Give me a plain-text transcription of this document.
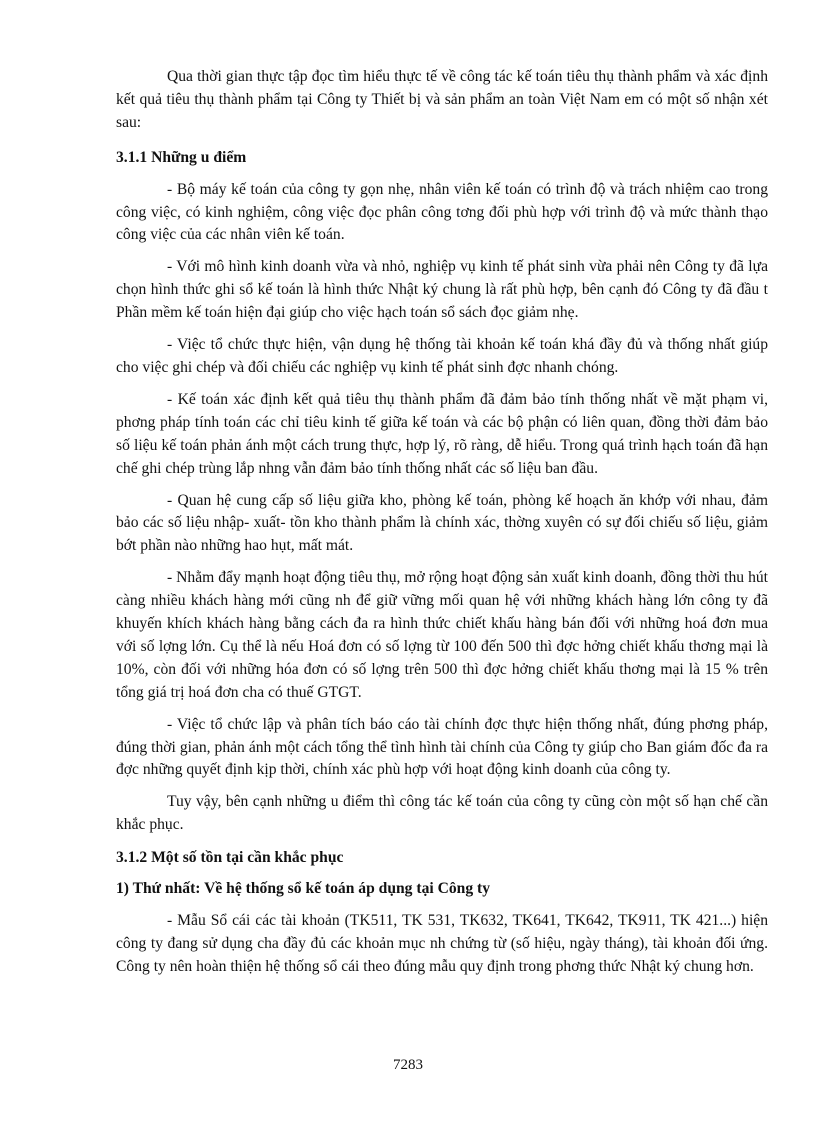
Qua thời gian thực tập đọc tìm hiểu thực tế về công tác kế toán tiêu thụ thành phẩm và xác định kết quả tiêu thụ thành phẩm tại Công ty Thiết bị và sản phẩm an toàn Việt Nam em có một số nhận xét sau:

3.1.1 Những u điểm

- Bộ máy kế toán của công ty gọn nhẹ, nhân viên kế toán có trình độ và trách nhiệm cao trong công việc, có kinh nghiệm, công việc đọc phân công tơng đối phù hợp với trình độ và mức thành thạo công việc của các nhân viên kế toán.

- Với mô hình kinh doanh vừa và nhỏ, nghiệp vụ kinh tế phát sinh vừa phải nên Công ty đã lựa chọn hình thức ghi sổ kế toán là hình thức Nhật ký chung là rất phù hợp, bên cạnh đó Công ty đã đầu t Phần mềm kế toán hiện đại giúp cho việc hạch toán sổ sách đọc giảm nhẹ.

- Việc tổ chức thực hiện, vận dụng hệ thống tài khoản kế toán khá đầy đủ và thống nhất giúp cho việc ghi chép và đối chiếu các nghiệp vụ kinh tế phát sinh đợc nhanh chóng.

- Kế toán xác định kết quả tiêu thụ thành phẩm đã đảm bảo tính thống nhất về mặt phạm vi, phơng pháp tính toán các chỉ tiêu kinh tế giữa kế toán và các bộ phận có liên quan, đồng thời đảm bảo số liệu kế toán phản ánh một cách trung thực, hợp lý, rõ ràng, dễ hiểu. Trong quá trình hạch toán đã hạn chế ghi chép trùng lắp nhng vẫn đảm bảo tính thống nhất các số liệu ban đầu.

- Quan hệ cung cấp số liệu giữa kho, phòng kế toán, phòng kế hoạch ăn khớp với nhau, đảm bảo các số liệu nhập- xuất- tồn kho thành phẩm là chính xác, thờng xuyên có sự đối chiếu số liệu, giảm bớt phần nào những hao hụt, mất mát.

- Nhằm đẩy mạnh hoạt động tiêu thụ, mở rộng hoạt động sản xuất kinh doanh, đồng thời thu hút càng nhiều khách hàng mới cũng nh để giữ vững mối quan hệ với những khách hàng lớn công ty đã khuyến khích khách hàng bằng cách đa ra hình thức chiết khấu hàng bán đối với những hoá đơn mua với số lợng lớn. Cụ thể là nếu Hoá đơn có số lợng từ 100 đến 500 thì đợc hởng chiết khấu thơng mại là 10%, còn đối với những hóa đơn có số lợng trên 500 thì đợc hởng chiết khấu thơng mại là 15 % trên tổng giá trị hoá đơn cha có thuế GTGT.

- Việc tổ chức lập và phân tích báo cáo tài chính đợc thực hiện thống nhất, đúng phơng pháp, đúng thời gian, phản ánh một cách tổng thể tình hình tài chính của Công ty giúp cho Ban giám đốc đa ra đợc những quyết định kịp thời, chính xác phù hợp với hoạt động kinh doanh của công ty.

Tuy vậy, bên cạnh những u điểm thì công tác kế toán của công ty cũng còn một số hạn chế cần khắc phục.

3.1.2 Một số tồn tại cần khắc phục
1) Thứ nhất: Về hệ thống sổ kế toán áp dụng tại Công ty

- Mẫu Sổ cái các tài khoản (TK511, TK 531, TK632, TK641, TK642, TK911, TK 421...) hiện công ty đang sử dụng cha đầy đủ các khoản mục nh chứng từ (số hiệu, ngày tháng), tài khoản đối ứng. Công ty nên hoàn thiện hệ thống sổ cái theo đúng mẫu quy định trong phơng thức Nhật ký chung hơn.

7283
